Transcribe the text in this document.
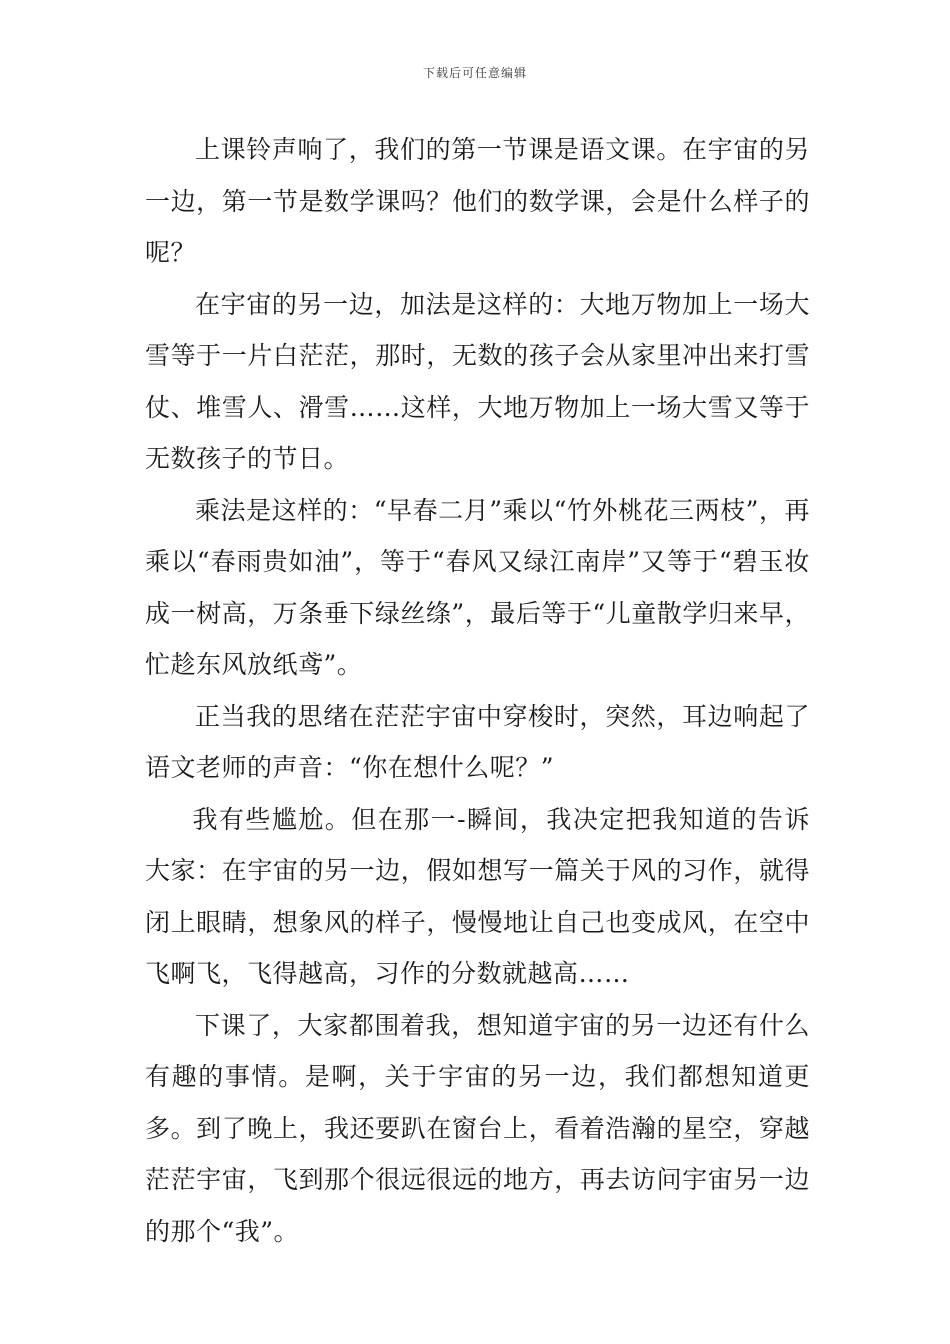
下载后可任意编辑

上课铃声响了，我们的第一节课是语文课。在宇宙的另一边，第一节是数学课吗？他们的数学课，会是什么样子的呢？

在宇宙的另一边，加法是这样的：大地万物加上一场大雪等于一片白茫茫，那时，无数的孩子会从家里冲出来打雪仗、堆雪人、滑雪……这样，大地万物加上一场大雪又等于无数孩子的节日。

乘法是这样的：“早春二月”乘以“竹外桃花三两枝”，再乘以“春雨贵如油”，等于“春风又绿江南岸”又等于“碧玉妆成一树高，万条垂下绿丝绦”，最后等于“儿童散学归来早，忙趁东风放纸鸢”。

正当我的思绪在茫茫宇宙中穿梭时，突然，耳边响起了语文老师的声音：“你在想什么呢？”

我有些尴尬。但在那一-瞬间，我决定把我知道的告诉大家：在宇宙的另一边，假如想写一篇关于风的习作，就得闭上眼睛，想象风的样子，慢慢地让自己也变成风，在空中飞啊飞，飞得越高，习作的分数就越高……

下课了，大家都围着我，想知道宇宙的另一边还有什么有趣的事情。是啊，关于宇宙的另一边，我们都想知道更多。到了晚上，我还要趴在窗台上，看着浩瀚的星空，穿越茫茫宇宙，飞到那个很远很远的地方，再去访问宇宙另一边的那个“我”。
